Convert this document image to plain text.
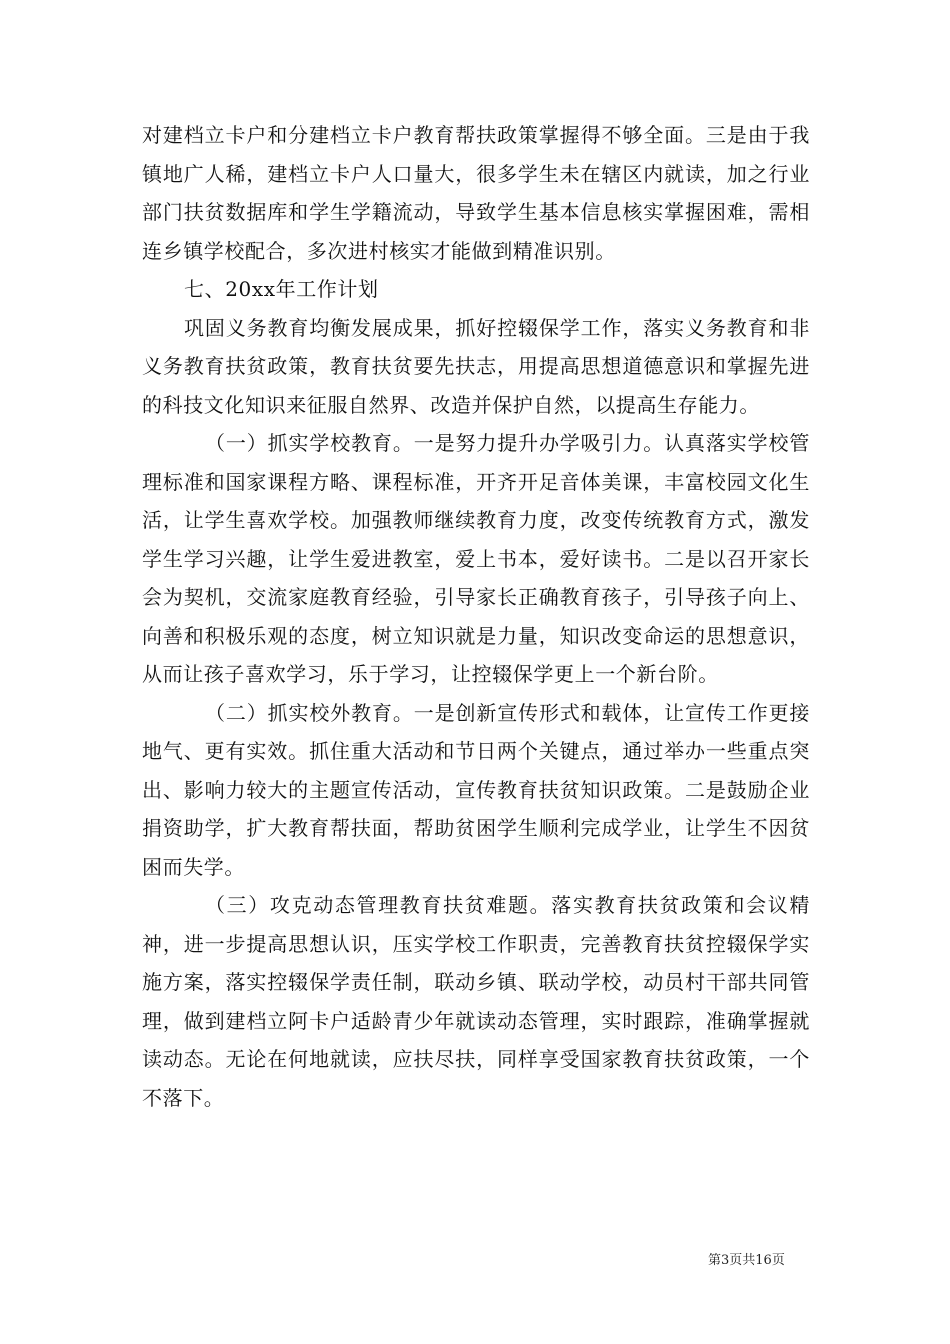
对建档立卡户和分建档立卡户教育帮扶政策掌握得不够全面。三是由于我镇地广人稀，建档立卡户人口量大，很多学生未在辖区内就读，加之行业部门扶贫数据库和学生学籍流动，导致学生基本信息核实掌握困难，需相连乡镇学校配合，多次进村核实才能做到精准识别。

七、20xx年工作计划

巩固义务教育均衡发展成果，抓好控辍保学工作，落实义务教育和非义务教育扶贫政策，教育扶贫要先扶志，用提高思想道德意识和掌握先进的科技文化知识来征服自然界、改造并保护自然，以提高生存能力。

（一）抓实学校教育。一是努力提升办学吸引力。认真落实学校管理标准和国家课程方略、课程标准，开齐开足音体美课，丰富校园文化生活，让学生喜欢学校。加强教师继续教育力度，改变传统教育方式，激发学生学习兴趣，让学生爱进教室，爱上书本，爱好读书。二是以召开家长会为契机，交流家庭教育经验，引导家长正确教育孩子，引导孩子向上、向善和积极乐观的态度，树立知识就是力量，知识改变命运的思想意识，从而让孩子喜欢学习，乐于学习，让控辍保学更上一个新台阶。

（二）抓实校外教育。一是创新宣传形式和载体，让宣传工作更接地气、更有实效。抓住重大活动和节日两个关键点，通过举办一些重点突出、影响力较大的主题宣传活动，宣传教育扶贫知识政策。二是鼓励企业捐资助学，扩大教育帮扶面，帮助贫困学生顺利完成学业，让学生不因贫困而失学。

（三）攻克动态管理教育扶贫难题。落实教育扶贫政策和会议精神，进一步提高思想认识，压实学校工作职责，完善教育扶贫控辍保学实施方案，落实控辍保学责任制，联动乡镇、联动学校，动员村干部共同管理，做到建档立阿卡户适龄青少年就读动态管理，实时跟踪，准确掌握就读动态。无论在何地就读，应扶尽扶，同样享受国家教育扶贫政策，一个不落下。

第3页共16页
